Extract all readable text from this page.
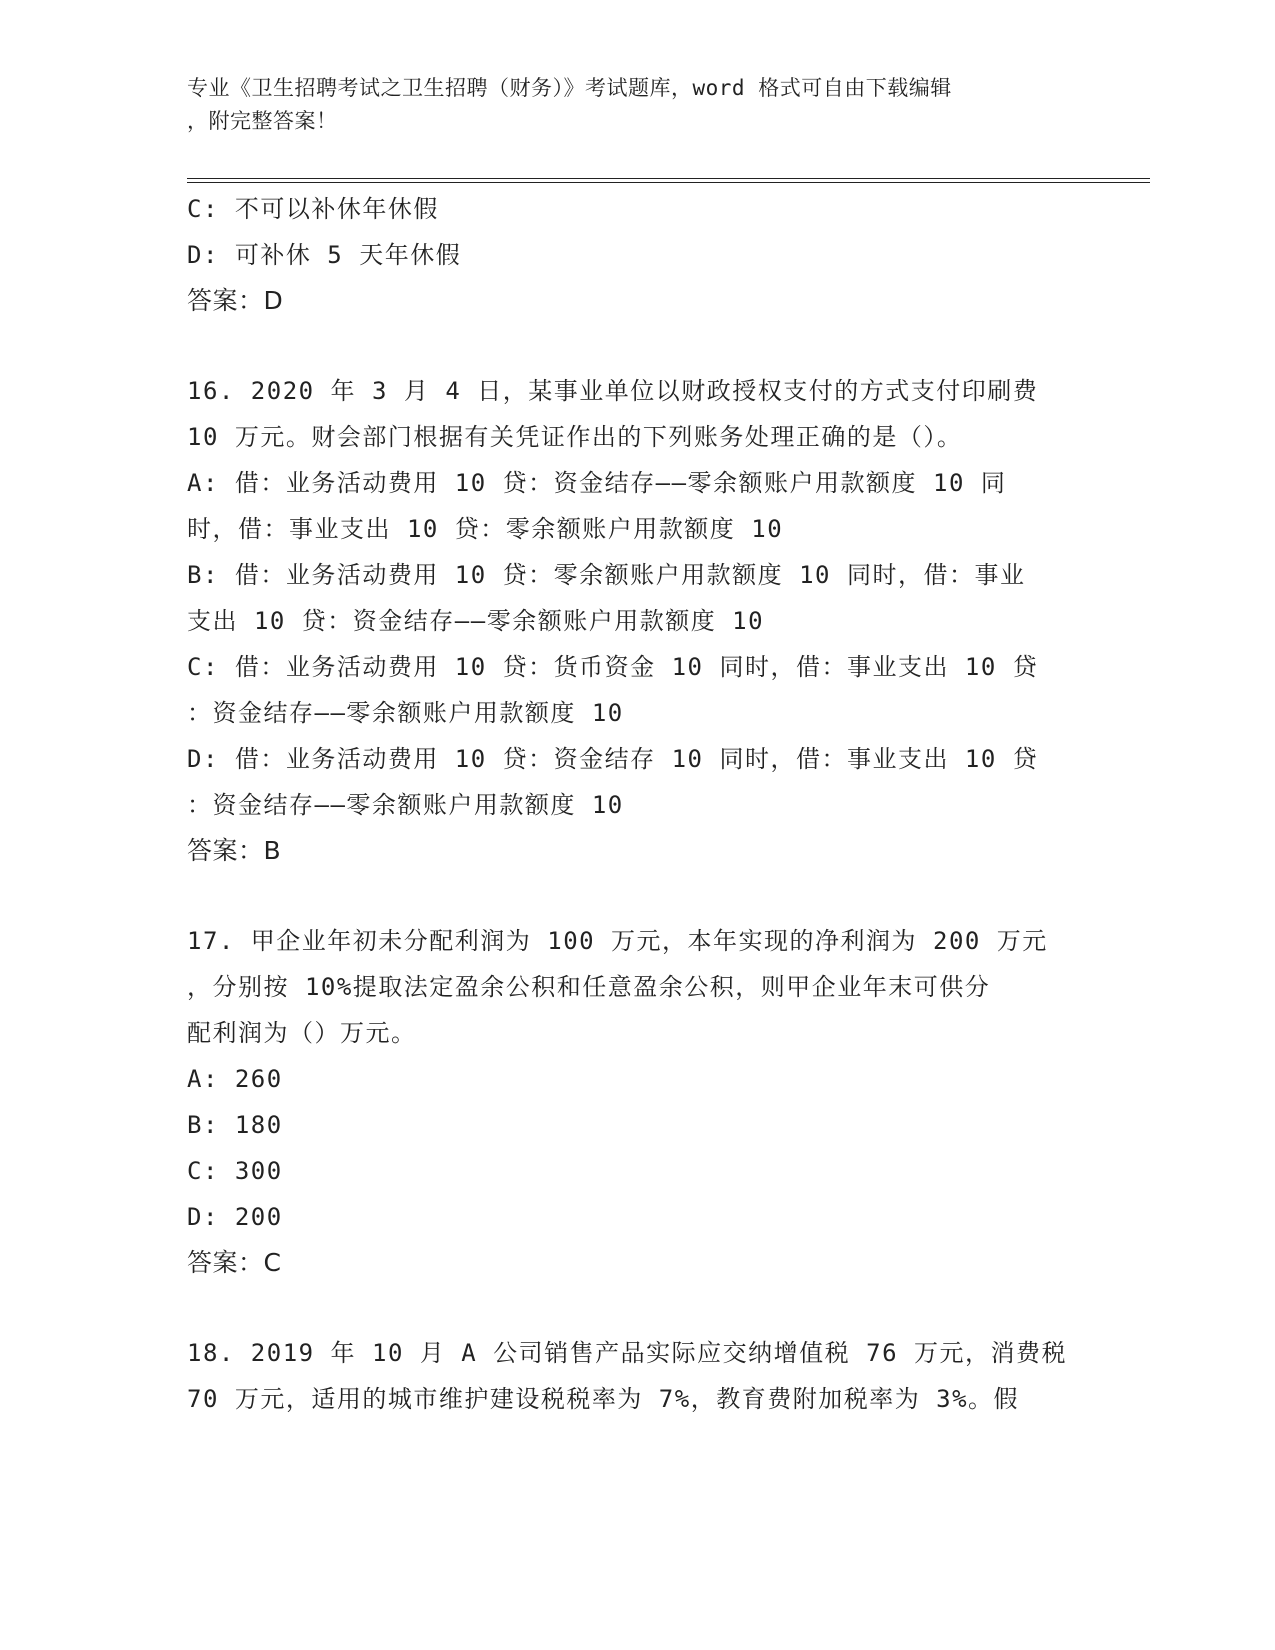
专业《卫生招聘考试之卫生招聘（财务）》考试题库，word 格式可自由下载编辑
，附完整答案！
C: 不可以补休年休假
D: 可补休 5 天年休假
答案：D
16. 2020 年 3 月 4 日，某事业单位以财政授权支付的方式支付印刷费
10 万元。财会部门根据有关凭证作出的下列账务处理正确的是（）。
A: 借：业务活动费用 10 贷：资金结存——零余额账户用款额度 10 同
时，借：事业支出 10 贷：零余额账户用款额度 10
B: 借：业务活动费用 10 贷：零余额账户用款额度 10 同时，借：事业
支出 10 贷：资金结存——零余额账户用款额度 10
C: 借：业务活动费用 10 贷：货币资金 10 同时，借：事业支出 10 贷
：资金结存——零余额账户用款额度 10
D: 借：业务活动费用 10 贷：资金结存 10 同时，借：事业支出 10 贷
：资金结存——零余额账户用款额度 10
答案：B
17. 甲企业年初未分配利润为 100 万元，本年实现的净利润为 200 万元
，分别按 10%提取法定盈余公积和任意盈余公积，则甲企业年末可供分
配利润为（）万元。
A: 260
B: 180
C: 300
D: 200
答案：C
18. 2019 年 10 月 A 公司销售产品实际应交纳增值税 76 万元，消费税
70 万元，适用的城市维护建设税税率为 7%，教育费附加税率为 3%。假
